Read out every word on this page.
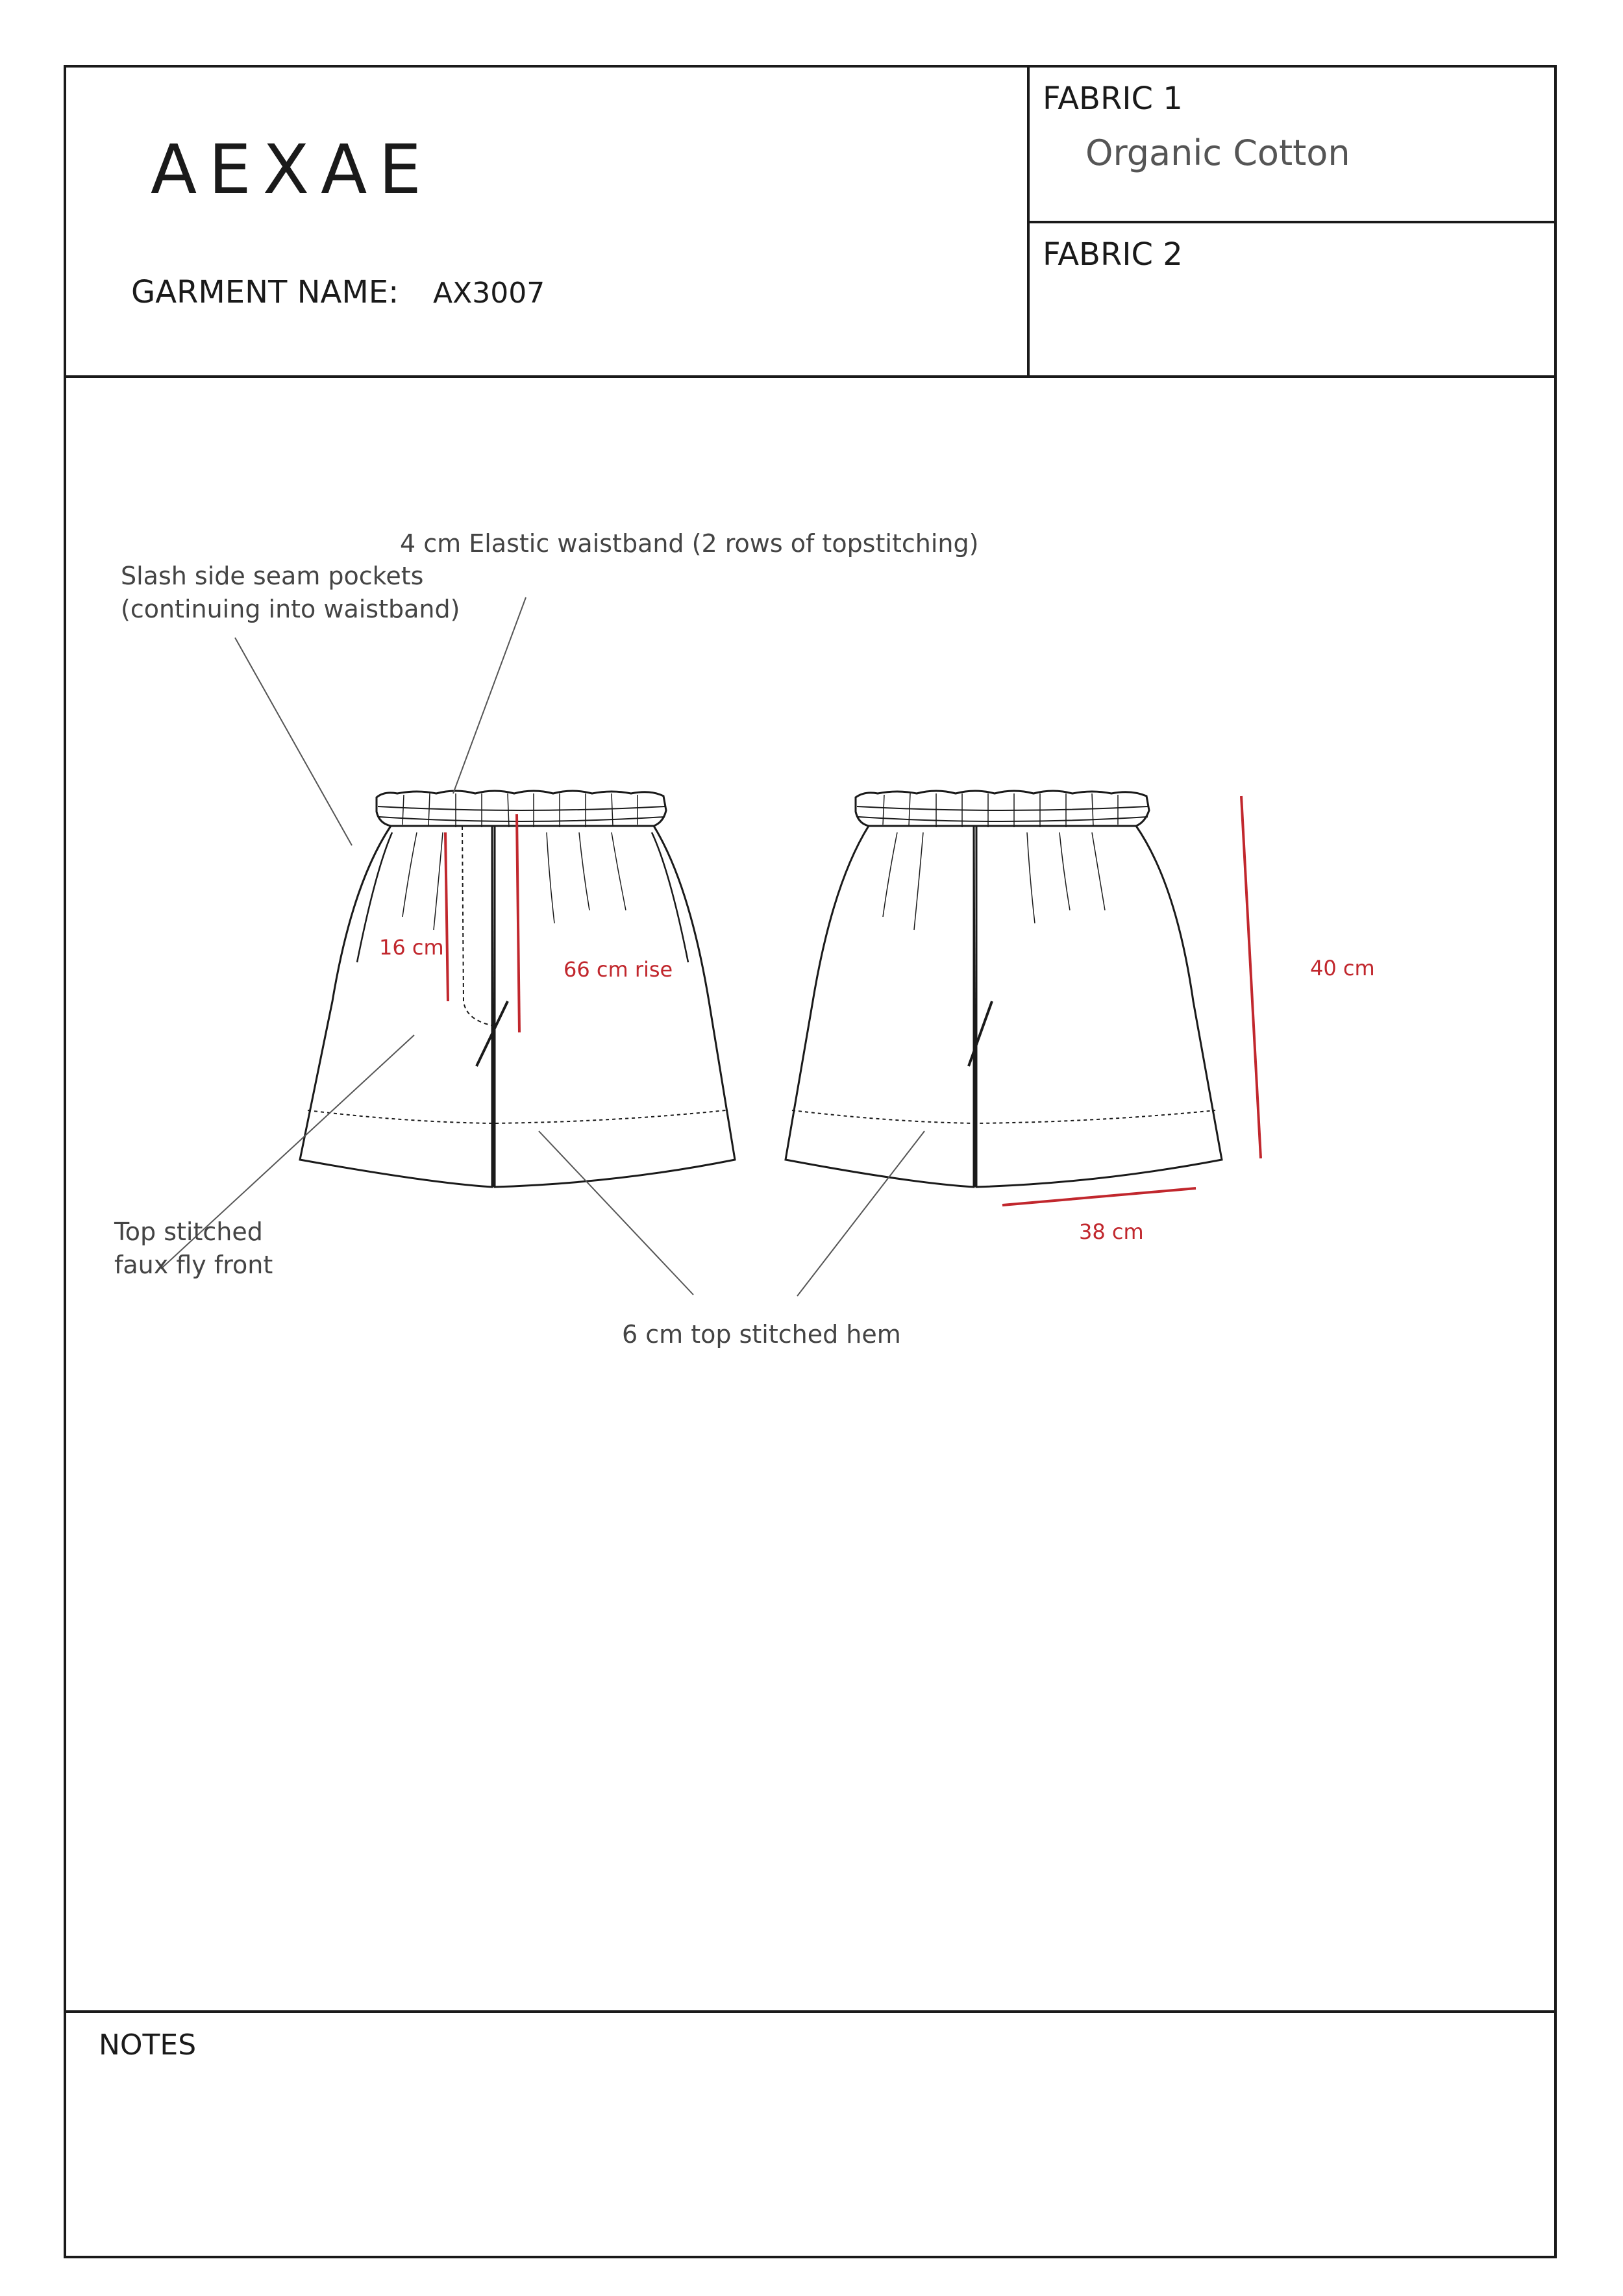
AEXAE
GARMENT NAME: AX3007
FABRIC 1
Organic Cotton
FABRIC 2
4 cm Elastic waistband (2 rows of topstitching)
Slash side seam pockets
(continuing into waistband)
Top stitched
faux fly front
6 cm top stitched hem
16 cm
66 cm rise	40 cm
38 cm
NOTES
